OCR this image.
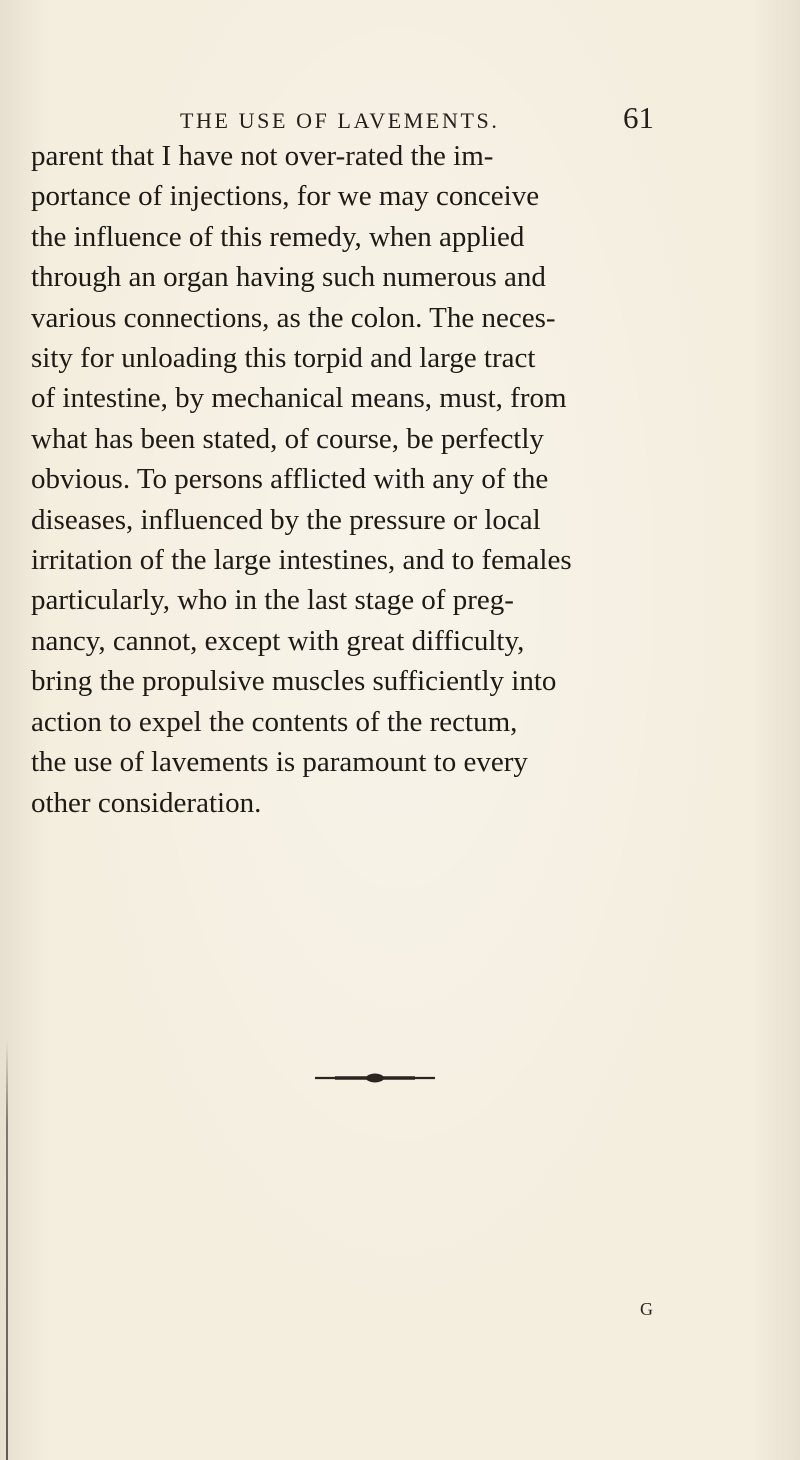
THE USE OF LAVEMENTS.	61

parent that I have not over-rated the im-
portance of injections, for we may conceive
the influence of this remedy, when applied
through an organ having such numerous and
various connections, as the colon. The neces-
sity for unloading this torpid and large tract
of intestine, by mechanical means, must, from
what has been stated, of course, be perfectly
obvious. To persons afflicted with any of the
diseases, influenced by the pressure or local
irritation of the large intestines, and to females
particularly, who in the last stage of preg-
nancy, cannot, except with great difficulty,
bring the propulsive muscles sufficiently into
action to expel the contents of the rectum,
the use of lavements is paramount to every
other consideration.

G
